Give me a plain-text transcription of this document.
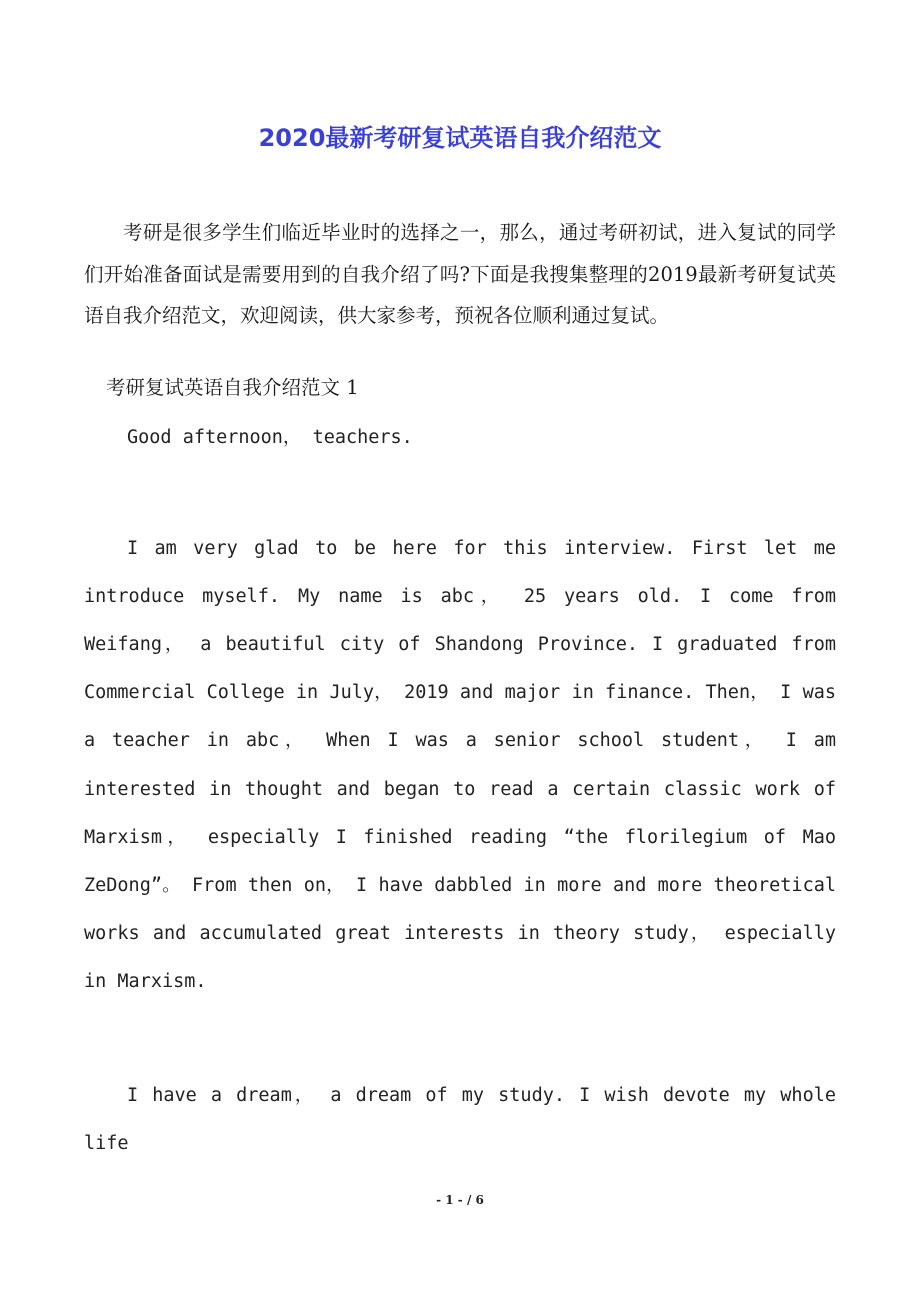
2020最新考研复试英语自我介绍范文

考研是很多学生们临近毕业时的选择之一，那么，通过考研初试，进入复试的同学们开始准备面试是需要用到的自我介绍了吗?下面是我搜集整理的2019最新考研复试英语自我介绍范文，欢迎阅读，供大家参考，预祝各位顺利通过复试。

考研复试英语自我介绍范文 1

Good afternoon， teachers.

I am very glad to be here for this interview. First let me introduce myself. My name is abc， 25 years old. I come from Weifang， a beautiful city of Shandong Province. I graduated from Commercial College in July， 2019 and major in finance. Then， I was a teacher in abc， When I was a senior school student， I am interested in thought and began to read a certain classic work of Marxism， especially I finished reading “the florilegium of Mao ZeDong”。 From then on， I have dabbled in more and more theoretical works and accumulated great interests in theory study， especially in Marxism.

I have a dream， a dream of my study. I wish devote my whole life

- 1 - / 6
